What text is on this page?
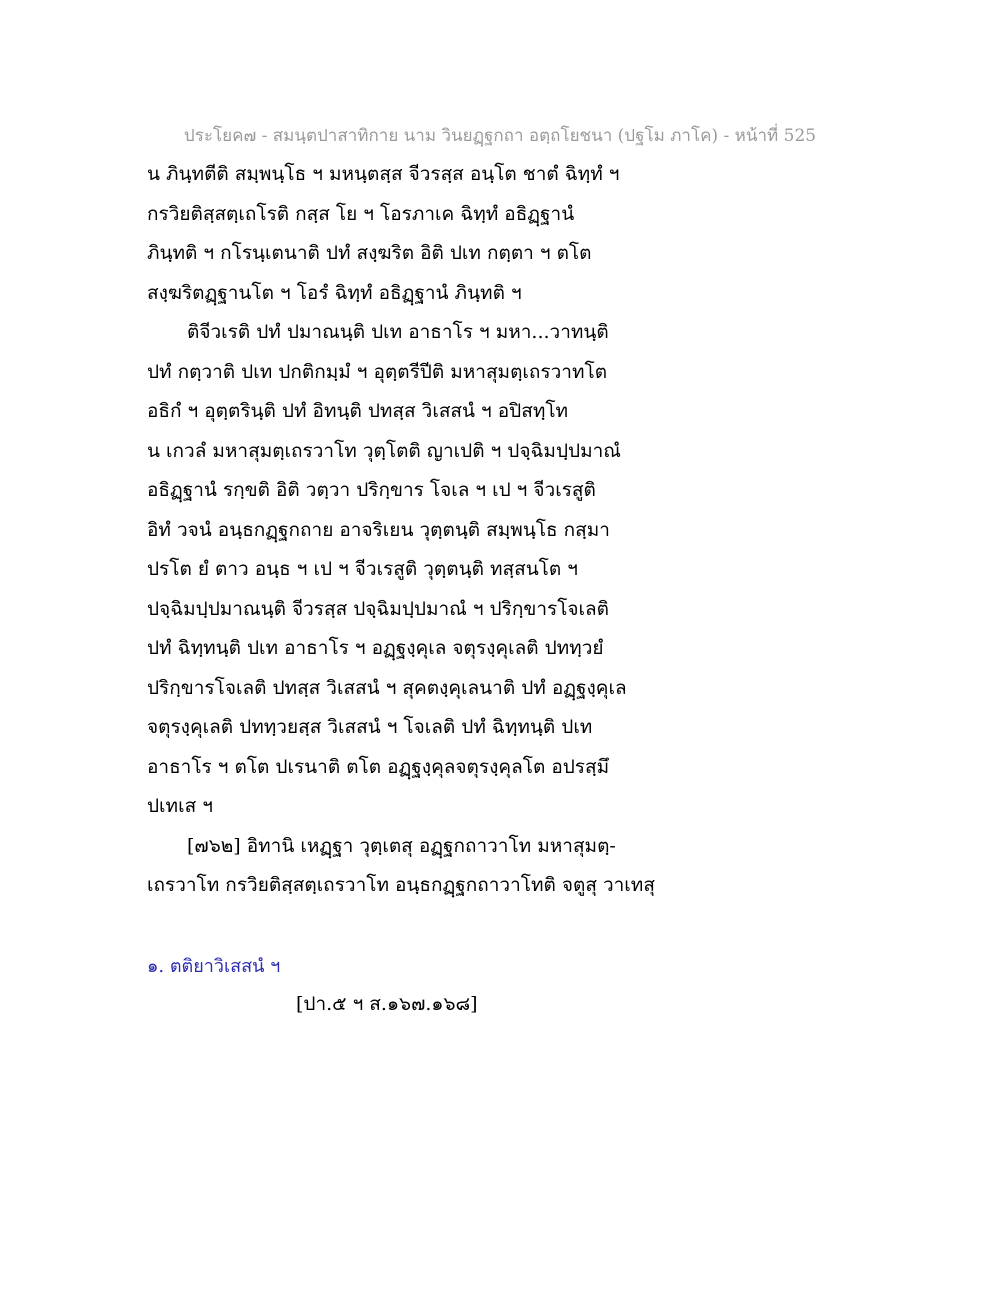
ประโยค๗ - สมนฺตปาสาทิกาย นาม วินยฏฺฐกถา อตฺถโยชนา (ปฐโม ภาโค) - หน้าที่ 525
น ภินฺทตีติ สมฺพนฺโธ ฯ มหนฺตสฺส จีวรสฺส อนฺโต ชาตํ ฉิทฺทํ ฯ
กรวิยติสฺสตฺเถโรติ กสฺส โย ฯ โอรภาเค ฉิทฺทํ อธิฏฺฐานํ
ภินฺทติ ฯ กโรนฺเตนาติ ปทํ สงฺฆริต อิติ ปเท กตฺตา ฯ ตโต
สงฺฆริตฏฺฐานโต ฯ โอรํ ฉิทฺทํ อธิฏฺฐานํ ภินฺทติ ฯ
ติจีวเรติ ปทํ ปมาณนฺติ ปเท อาธาโร ฯ มหา...วาทนฺติ
ปทํ กตฺวาติ ปเท ปกติกมฺมํ ฯ อุตฺตรีปีติ มหาสุมตฺเถรวาทโต
อธิกํ ฯ อุตฺตรินฺติ ปทํ อิทนฺติ ปทสฺส วิเสสนํ ฯ อปิสทฺโท
น เกวลํ มหาสุมตฺเถรวาโท วุตฺโตติ ญาเปติ ฯ ปจฺฉิมปฺปมาณํ
อธิฏฺฐานํ รกฺขติ อิติ วตฺวา ปริกฺขาร โจเล ฯ เป ฯ จีวเรสูติ
อิทํ วจนํ อนฺธกฏฺฐกถาย อาจริเยน วุตฺตนฺติ สมฺพนฺโธ กสฺมา
ปรโต ยํ ตาว อนฺธ ฯ เป ฯ จีวเรสูติ วุตฺตนฺติ ทสฺสนโต ฯ
ปจฺฉิมปฺปมาณนฺติ จีวรสฺส ปจฺฉิมปฺปมาณํ ฯ ปริกฺขารโจเลติ
ปทํ ฉิทฺทนฺติ ปเท อาธาโร ฯ อฏฺฐงฺคุเล จตุรงฺคุเลติ ปททฺวยํ
ปริกฺขารโจเลติ ปทสฺส วิเสสนํ ฯ สุคตงฺคุเลนาติ ปทํ อฏฺฐงฺคุเล
จตุรงฺคุเลติ ปททฺวยสฺส วิเสสนํ ฯ โจเลติ ปทํ ฉิทฺทนฺติ ปเท
อาธาโร ฯ ตโต ปเรนาติ ตโต อฏฺฐงฺคุลจตุรงฺคุลโต อปรสฺมึ
ปเทเส ฯ
[๗๖๒] อิทานิ เหฏฺฐา วุตฺเตสุ อฏฺฐกถาวาโท มหาสุมตฺ-
เถรวาโท กรวิยติสฺสตฺเถรวาโท อนฺธกฏฺฐกถาวาโทติ จตูสุ วาเทสุ
๑. ตติยาวิเสสนํ ฯ
[ปา.๕ ฯ ส.๑๖๗.๑๖๘]
